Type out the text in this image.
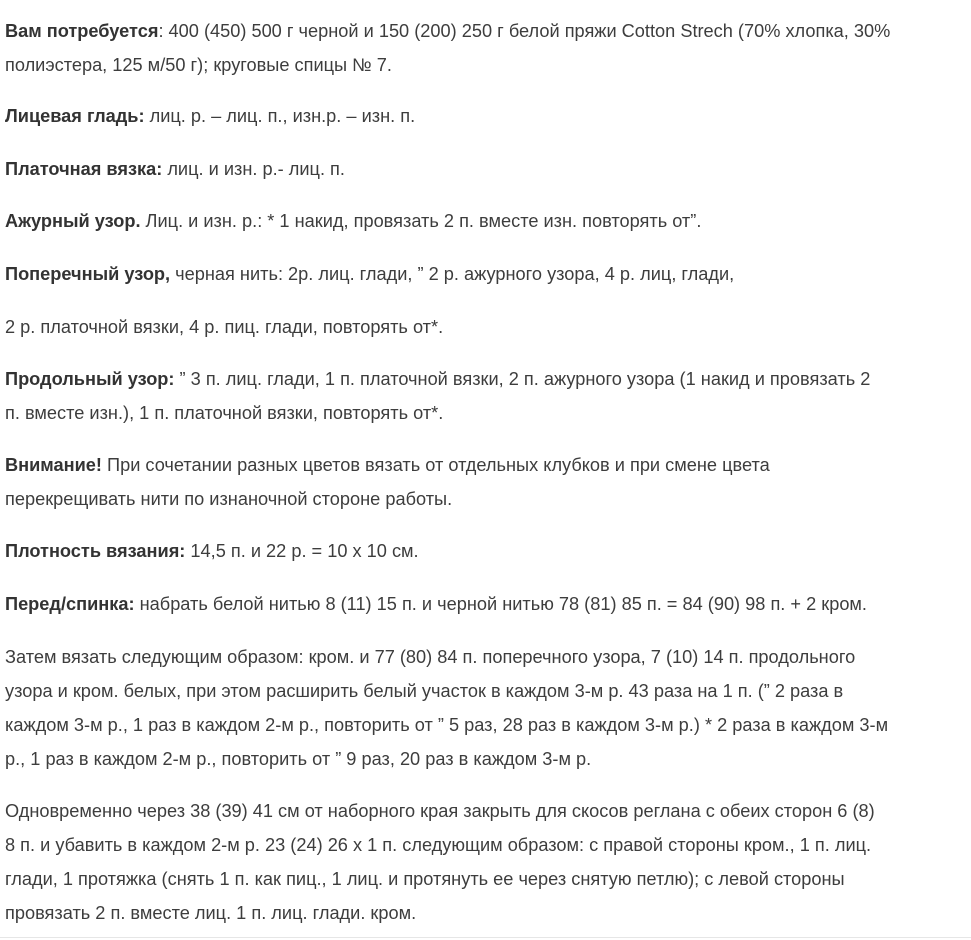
Вам потребуется: 400 (450) 500 г черной и 150 (200) 250 г белой пряжи Cotton Strech (70% хлопка, 30%
полиэстера, 125 м/50 г); круговые спицы № 7.

Лицевая гладь: лиц. р. – лиц. п., изн.р. – изн. п.

Платочная вязка: лиц. и изн. р.- лиц. п.

Ажурный узор. Лиц. и изн. р.: * 1 накид, провязать 2 п. вместе изн. повторять от”.

Поперечный узор, черная нить: 2р. лиц. глади, ” 2 р. ажурного узора, 4 р. лиц, глади,

2 р. платочной вязки, 4 р. пиц. глади, повторять от*.

Продольный узор: ” 3 п. лиц. глади, 1 п. платочной вязки, 2 п. ажурного узора (1 накид и провязать 2
п. вместе изн.), 1 п. платочной вязки, повторять от*.

Внимание! При сочетании разных цветов вязать от отдельных клубков и при смене цвета
перекрещивать нити по изнаночной стороне работы.

Плотность вязания: 14,5 п. и 22 р. = 10 х 10 см.

Перед/спинка: набрать белой нитью 8 (11) 15 п. и черной нитью 78 (81) 85 п. = 84 (90) 98 п. + 2 кром.

Затем вязать следующим образом: кром. и 77 (80) 84 п. поперечного узора, 7 (10) 14 п. продольного
узора и кром. белых, при этом расширить белый участок в каждом 3-м р. 43 раза на 1 п. (” 2 раза в
каждом 3-м р., 1 раз в каждом 2-м р., повторить от ” 5 раз, 28 раз в каждом 3-м р.) * 2 раза в каждом 3-м
р., 1 раз в каждом 2-м р., повторить от ” 9 раз, 20 раз в каждом 3-м р.

Одновременно через 38 (39) 41 см от наборного края закрыть для скосов реглана с обеих сторон 6 (8)
8 п. и убавить в каждом 2-м р. 23 (24) 26 х 1 п. следующим образом: с правой стороны кром., 1 п. лиц.
глади, 1 протяжка (снять 1 п. как пиц., 1 лиц. и протянуть ее через снятую петлю); с левой стороны
провязать 2 п. вместе лиц. 1 п. лиц. глади. кром.
